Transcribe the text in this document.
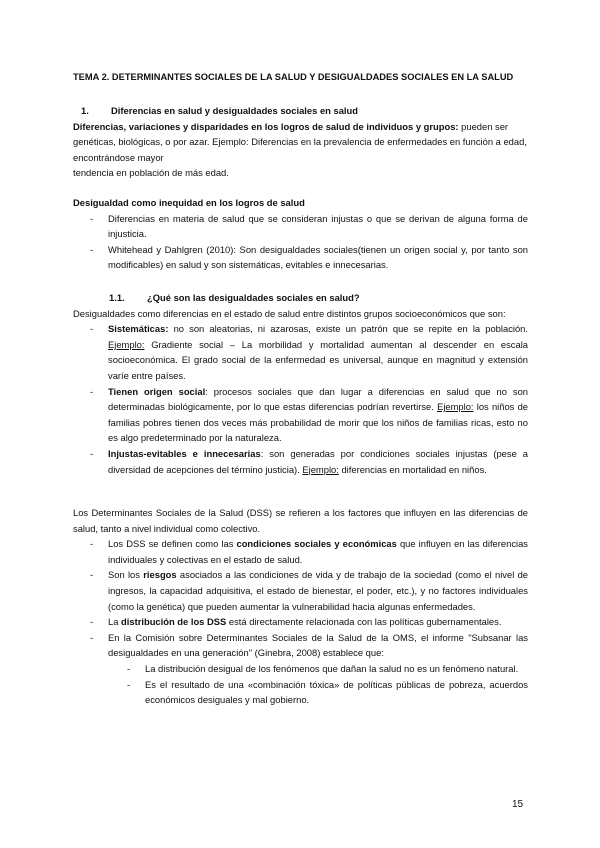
TEMA 2. DETERMINANTES SOCIALES DE LA SALUD Y DESIGUALDADES SOCIALES EN LA SALUD
1. Diferencias en salud y desigualdades sociales en salud

Diferencias, variaciones y disparidades en los logros de salud de individuos y grupos: pueden ser genéticas, biológicas, o por azar. Ejemplo: Diferencias en la prevalencia de enfermedades en función a edad, encontrándose mayor

tendencia en población de más edad.

Desigualdad como inequidad en los logros de salud
- Diferencias en materia de salud que se consideran injustas o que se derivan de alguna forma de injusticia.

- Whitehead y Dahlgren (2010): Son desigualdades sociales(tienen un origen social y, por tanto son modificables) en salud y son sistemáticas, evitables e innecesarias.

1.1. ¿Qué son las desigualdades sociales en salud?

Desigualdades como diferencias en el estado de salud entre distintos grupos socioeconómicos que son:

- Sistemáticas: no son aleatorias, ni azarosas, existe un patrón que se repite en la población. Ejemplo: Gradiente social – La morbilidad y mortalidad aumentan al descender en escala socioeconómica. El grado social de la enfermedad es universal, aunque en magnitud y extensión varíe entre países.

- Tienen origen social: procesos sociales que dan lugar a diferencias en salud que no son determinadas biológicamente, por lo que estas diferencias podrían revertirse. Ejemplo: los niños de familias pobres tienen dos veces más probabilidad de morir que los niños de familias ricas, esto no es algo predeterminado por la naturaleza.

- Injustas-evitables e innecesarias: son generadas por condiciones sociales injustas (pese a diversidad de acepciones del término justicia). Ejemplo: diferencias en mortalidad en niños.

Los Determinantes Sociales de la Salud (DSS) se refieren a los factores que influyen en las diferencias de salud, tanto a nivel individual como colectivo.

- Los DSS se definen como las condiciones sociales y económicas que influyen en las diferencias individuales y colectivas en el estado de salud.

- Son los riesgos asociados a las condiciones de vida y de trabajo de la sociedad (como el nivel de ingresos, la capacidad adquisitiva, el estado de bienestar, el poder, etc.), y no factores individuales (como la genética) que pueden aumentar la vulnerabilidad hacia algunas enfermedades.

- La distribución de los DSS está directamente relacionada con las políticas gubernamentales.

- En la Comisión sobre Determinantes Sociales de la Salud de la OMS, el informe "Subsanar las desigualdades en una generación" (Ginebra, 2008) establece que:

- La distribución desigual de los fenómenos que dañan la salud no es un fenómeno natural.

- Es el resultado de una «combinación tóxica» de políticas públicas de pobreza, acuerdos económicos desiguales y mal gobierno.

15
